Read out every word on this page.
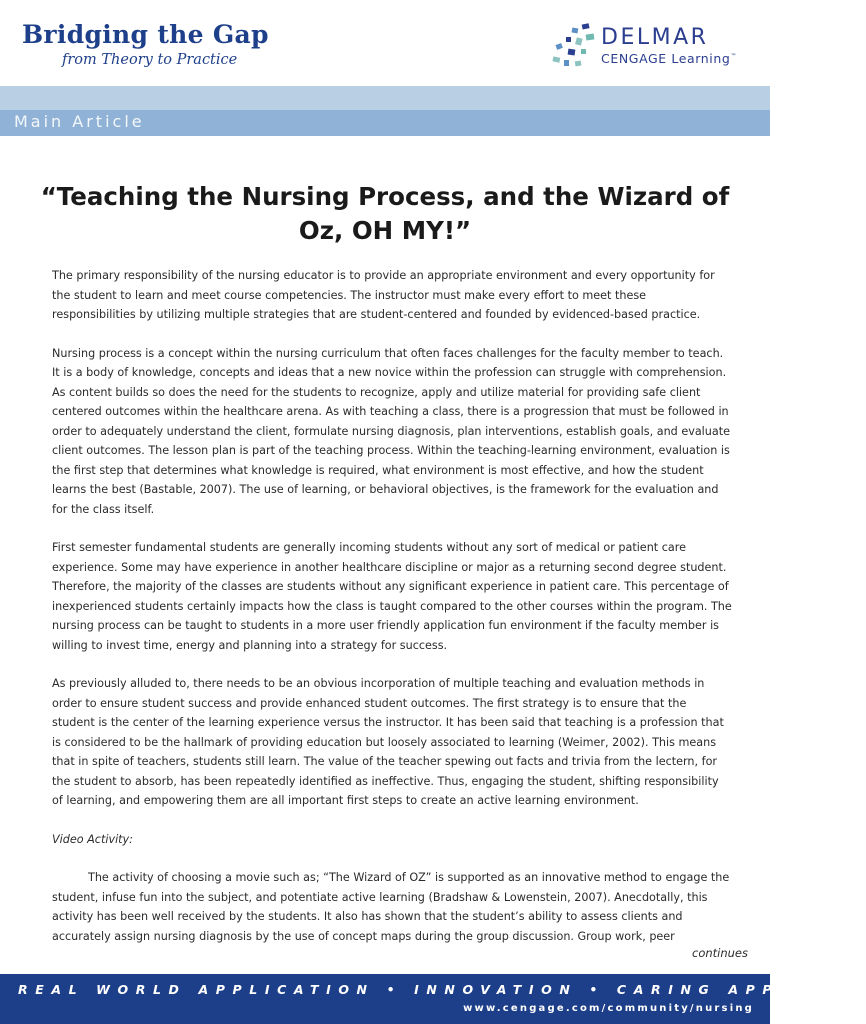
Bridging the Gap
from Theory to Practice
DELMAR
CENGAGE Learning™
Main Article
“Teaching the Nursing Process, and the Wizard of Oz, OH MY!”

The primary responsibility of the nursing educator is to provide an appropriate environment and every opportunity for the student to learn and meet course competencies. The instructor must make every effort to meet these responsibilities by utilizing multiple strategies that are student-centered and founded by evidenced-based practice.

Nursing process is a concept within the nursing curriculum that often faces challenges for the faculty member to teach. It is a body of knowledge, concepts and ideas that a new novice within the profession can struggle with comprehension. As content builds so does the need for the students to recognize, apply and utilize material for providing safe client centered outcomes within the healthcare arena. As with teaching a class, there is a progression that must be followed in order to adequately understand the client, formulate nursing diagnosis, plan interventions, establish goals, and evaluate client outcomes. The lesson plan is part of the teaching process. Within the teaching-learning environment, evaluation is the first step that determines what knowledge is required, what environment is most effective, and how the student learns the best (Bastable, 2007). The use of learning, or behavioral objectives, is the framework for the evaluation and for the class itself.

First semester fundamental students are generally incoming students without any sort of medical or patient care experience. Some may have experience in another healthcare discipline or major as a returning second degree student. Therefore, the majority of the classes are students without any significant experience in patient care. This percentage of inexperienced students certainly impacts how the class is taught compared to the other courses within the program. The nursing process can be taught to students in a more user friendly application fun environment if the faculty member is willing to invest time, energy and planning into a strategy for success.

As previously alluded to, there needs to be an obvious incorporation of multiple teaching and evaluation methods in order to ensure student success and provide enhanced student outcomes. The first strategy is to ensure that the student is the center of the learning experience versus the instructor. It has been said that teaching is a profession that is considered to be the hallmark of providing education but loosely associated to learning (Weimer, 2002). This means that in spite of teachers, students still learn. The value of the teacher spewing out facts and trivia from the lectern, for the student to absorb, has been repeatedly identified as ineffective. Thus, engaging the student, shifting responsibility of learning, and empowering them are all important first steps to create an active learning environment.

Video Activity:

The activity of choosing a movie such as; “The Wizard of OZ” is supported as an innovative method to engage the student, infuse fun into the subject, and potentiate active learning (Bradshaw & Lowenstein, 2007). Anecdotally, this activity has been well received by the students. It also has shown that the student’s ability to assess clients and accurately assign nursing diagnosis by the use of concept maps during the group discussion. Group work, peer

continues
REAL WORLD APPLICATION • INNOVATION • CARING APPROACH
www.cengage.com/community/nursing
